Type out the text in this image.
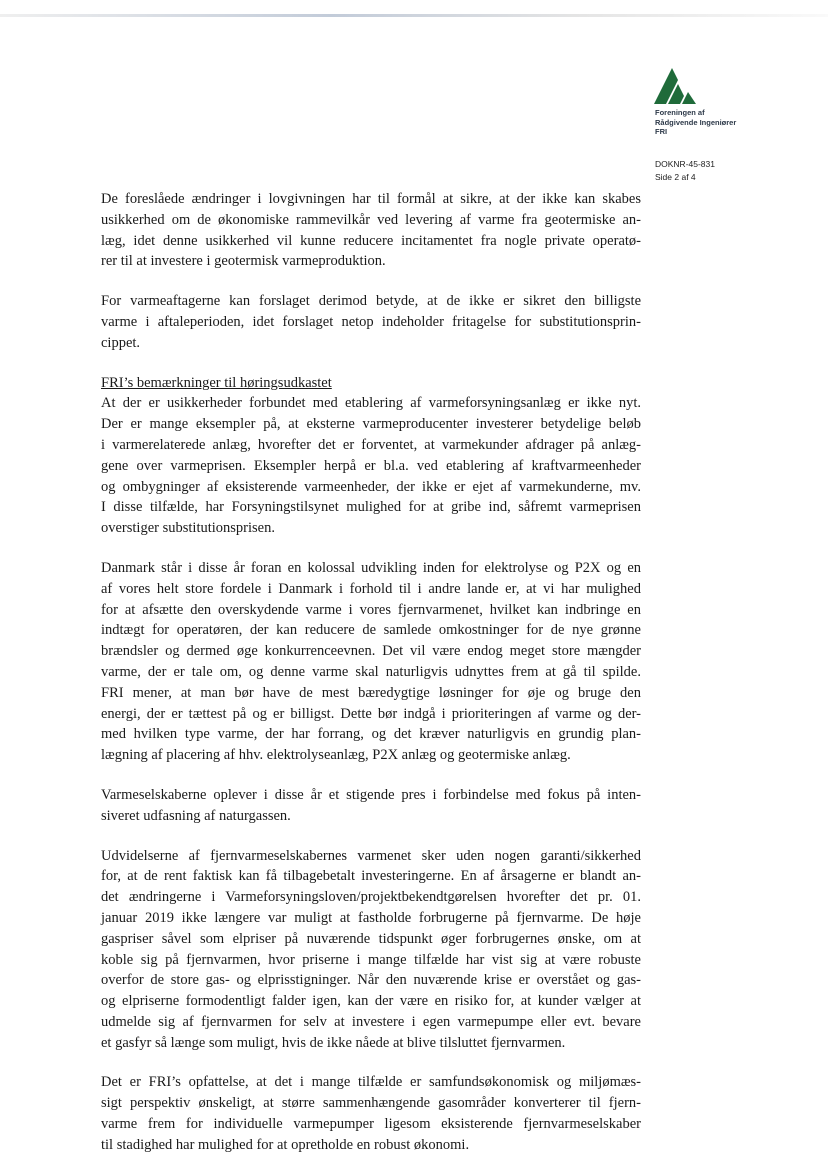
Foreningen af
Rådgivende Ingeniører
FRI
DOKNR-45-831
Side 2 af 4
De foreslåede ændringer i lovgivningen har til formål at sikre, at der ikke kan skabes
usikkerhed om de økonomiske rammevilkår ved levering af varme fra geotermiske an-
læg, idet denne usikkerhed vil kunne reducere incitamentet fra nogle private operatø-
rer til at investere i geotermisk varmeproduktion.
For varmeaftagerne kan forslaget derimod betyde, at de ikke er sikret den billigste
varme i aftaleperioden, idet forslaget netop indeholder fritagelse for substitutionsprin-
cippet.
FRI’s bemærkninger til høringsudkastet
At der er usikkerheder forbundet med etablering af varmeforsyningsanlæg er ikke nyt.
Der er mange eksempler på, at eksterne varmeproducenter investerer betydelige beløb
i varmerelaterede anlæg, hvorefter det er forventet, at varmekunder afdrager på anlæg-
gene over varmeprisen. Eksempler herpå er bl.a. ved etablering af kraftvarmeenheder
og ombygninger af eksisterende varmeenheder, der ikke er ejet af varmekunderne, mv.
I disse tilfælde, har Forsyningstilsynet mulighed for at gribe ind, såfremt varmeprisen
overstiger substitutionsprisen.
Danmark står i disse år foran en kolossal udvikling inden for elektrolyse og P2X og en
af vores helt store fordele i Danmark i forhold til i andre lande er, at vi har mulighed
for at afsætte den overskydende varme i vores fjernvarmenet, hvilket kan indbringe en
indtægt for operatøren, der kan reducere de samlede omkostninger for de nye grønne
brændsler og dermed øge konkurrenceevnen. Det vil være endog meget store mængder
varme, der er tale om, og denne varme skal naturligvis udnyttes frem at gå til spilde.
FRI mener, at man bør have de mest bæredygtige løsninger for øje og bruge den
energi, der er tættest på og er billigst. Dette bør indgå i prioriteringen af varme og der-
med hvilken type varme, der har forrang, og det kræver naturligvis en grundig plan-
lægning af placering af hhv. elektrolyseanlæg, P2X anlæg og geotermiske anlæg.
Varmeselskaberne oplever i disse år et stigende pres i forbindelse med fokus på inten-
siveret udfasning af naturgassen.
Udvidelserne af fjernvarmeselskabernes varmenet sker uden nogen garanti/sikkerhed
for, at de rent faktisk kan få tilbagebetalt investeringerne. En af årsagerne er blandt an-
det ændringerne i Varmeforsyningsloven/projektbekendtgørelsen hvorefter det pr. 01.
januar 2019 ikke længere var muligt at fastholde forbrugerne på fjernvarme. De høje
gaspriser såvel som elpriser på nuværende tidspunkt øger forbrugernes ønske, om at
koble sig på fjernvarmen, hvor priserne i mange tilfælde har vist sig at være robuste
overfor de store gas- og elprisstigninger. Når den nuværende krise er overstået og gas-
og elpriserne formodentligt falder igen, kan der være en risiko for, at kunder vælger at
udmelde sig af fjernvarmen for selv at investere i egen varmepumpe eller evt. bevare
et gasfyr så længe som muligt, hvis de ikke nåede at blive tilsluttet fjernvarmen.
Det er FRI’s opfattelse, at det i mange tilfælde er samfundsøkonomisk og miljømæs-
sigt perspektiv ønskeligt, at større sammenhængende gasområder konverterer til fjern-
varme frem for individuelle varmepumper ligesom eksisterende fjernvarmeselskaber
til stadighed har mulighed for at opretholde en robust økonomi.
